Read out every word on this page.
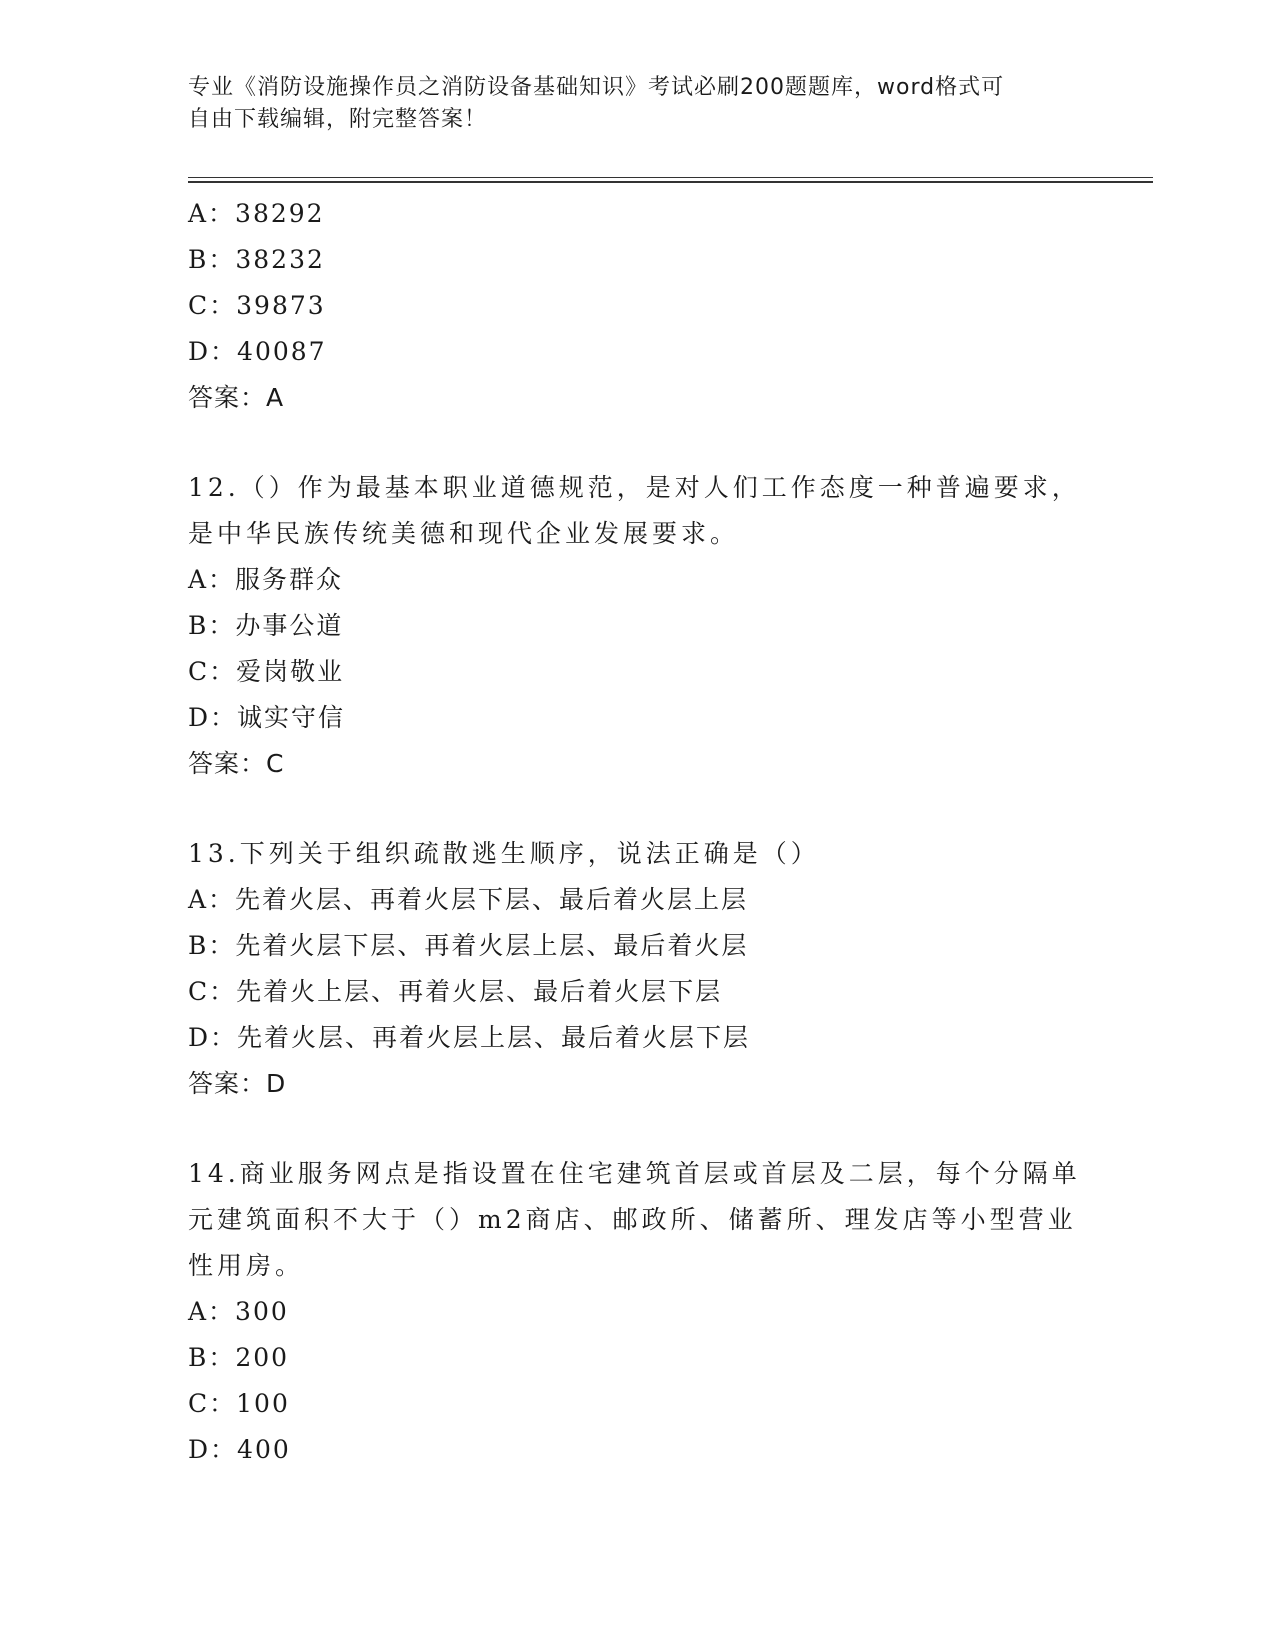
专业《消防设施操作员之消防设备基础知识》考试必刷200题题库，word格式可
自由下载编辑，附完整答案！
A：38292
B：38232
C：39873
D：40087
答案：A
12.（）作为最基本职业道德规范，是对人们工作态度一种普遍要求，
是中华民族传统美德和现代企业发展要求。
A：服务群众
B：办事公道
C：爱岗敬业
D：诚实守信
答案：C
13.下列关于组织疏散逃生顺序，说法正确是（）
A：先着火层、再着火层下层、最后着火层上层
B：先着火层下层、再着火层上层、最后着火层
C：先着火上层、再着火层、最后着火层下层
D：先着火层、再着火层上层、最后着火层下层
答案：D
14.商业服务网点是指设置在住宅建筑首层或首层及二层，每个分隔单
元建筑面积不大于（）m2商店、邮政所、储蓄所、理发店等小型营业
性用房。
A：300
B：200
C：100
D：400
